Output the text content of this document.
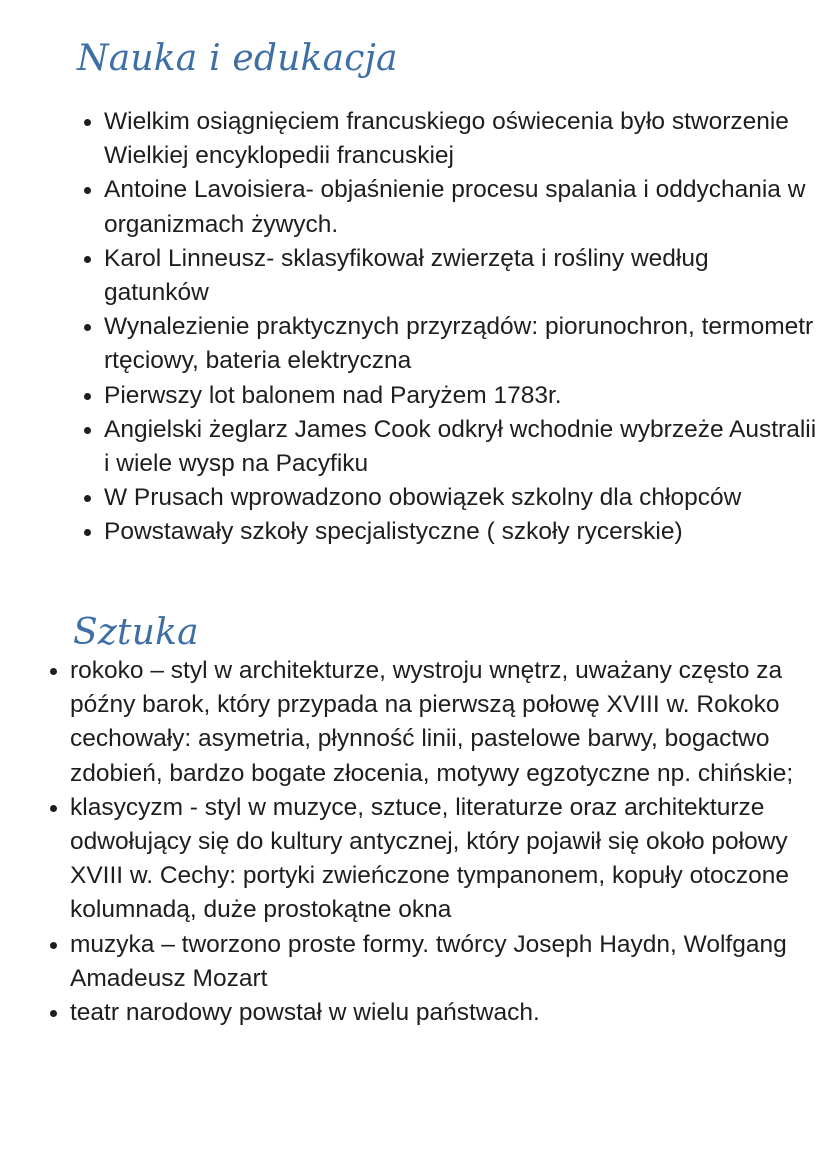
Nauka i edukacja
Wielkim osiągnięciem francuskiego oświecenia było stworzenie Wielkiej encyklopedii francuskiej
Antoine Lavoisiera- objaśnienie procesu spalania i oddychania w organizmach żywych.
Karol Linneusz- sklasyfikował zwierzęta i rośliny według gatunków
Wynalezienie praktycznych przyrządów: piorunochron, termometr rtęciowy, bateria elektryczna
Pierwszy lot balonem nad Paryżem 1783r.
Angielski żeglarz James Cook odkrył wchodnie wybrzeże Australii i wiele wysp na Pacyfiku
W Prusach wprowadzono obowiązek szkolny dla chłopców
Powstawały szkoły specjalistyczne ( szkoły rycerskie)
Sztuka
rokoko – styl w architekturze, wystroju wnętrz, uważany często za późny barok, który przypada na pierwszą połowę XVIII w. Rokoko cechowały: asymetria, płynność linii, pastelowe barwy, bogactwo zdobień, bardzo bogate złocenia, motywy egzotyczne np. chińskie;
klasycyzm - styl w muzyce, sztuce, literaturze oraz architekturze odwołujący się do kultury antycznej, który pojawił się około połowy XVIII w. Cechy: portyki zwieńczone tympanonem, kopuły otoczone kolumnadą, duże prostokątne okna
muzyka – tworzono proste formy. twórcy Joseph Haydn, Wolfgang Amadeusz Mozart
teatr narodowy powstał w wielu państwach.
